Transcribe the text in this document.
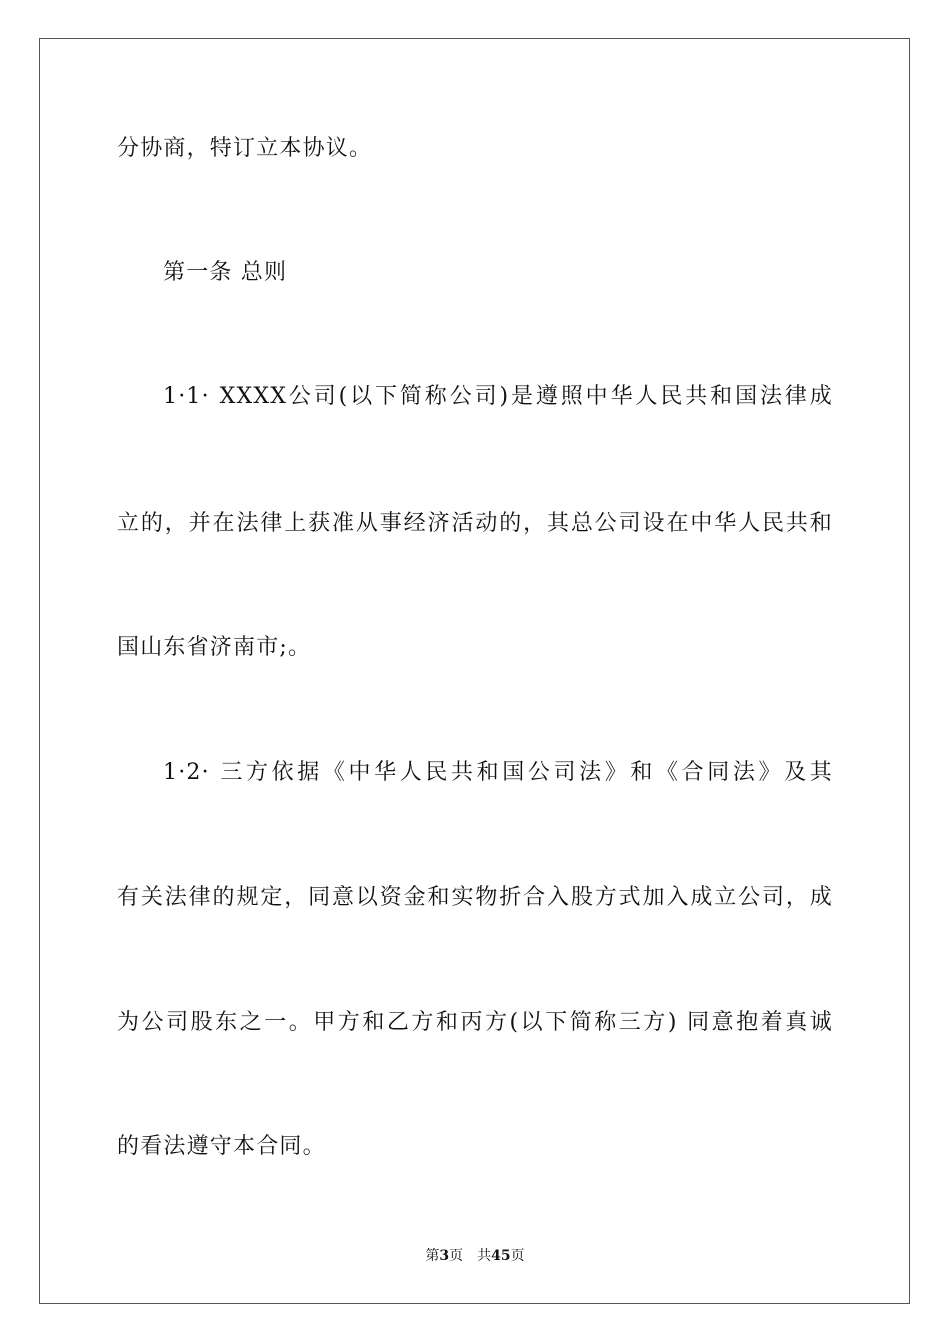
分协商，特订立本协议。
第一条 总则
1·1· XXXX公司(以下简称公司)是遵照中华人民共和国法律成
立的，并在法律上获准从事经济活动的，其总公司设在中华人民共和
国山东省济南市;。
1·2· 三方依据《中华人民共和国公司法》和《合同法》及其
有关法律的规定，同意以资金和实物折合入股方式加入成立公司，成
为公司股东之一。甲方和乙方和丙方(以下简称三方) 同意抱着真诚
的看法遵守本合同。
第3页 共45页
